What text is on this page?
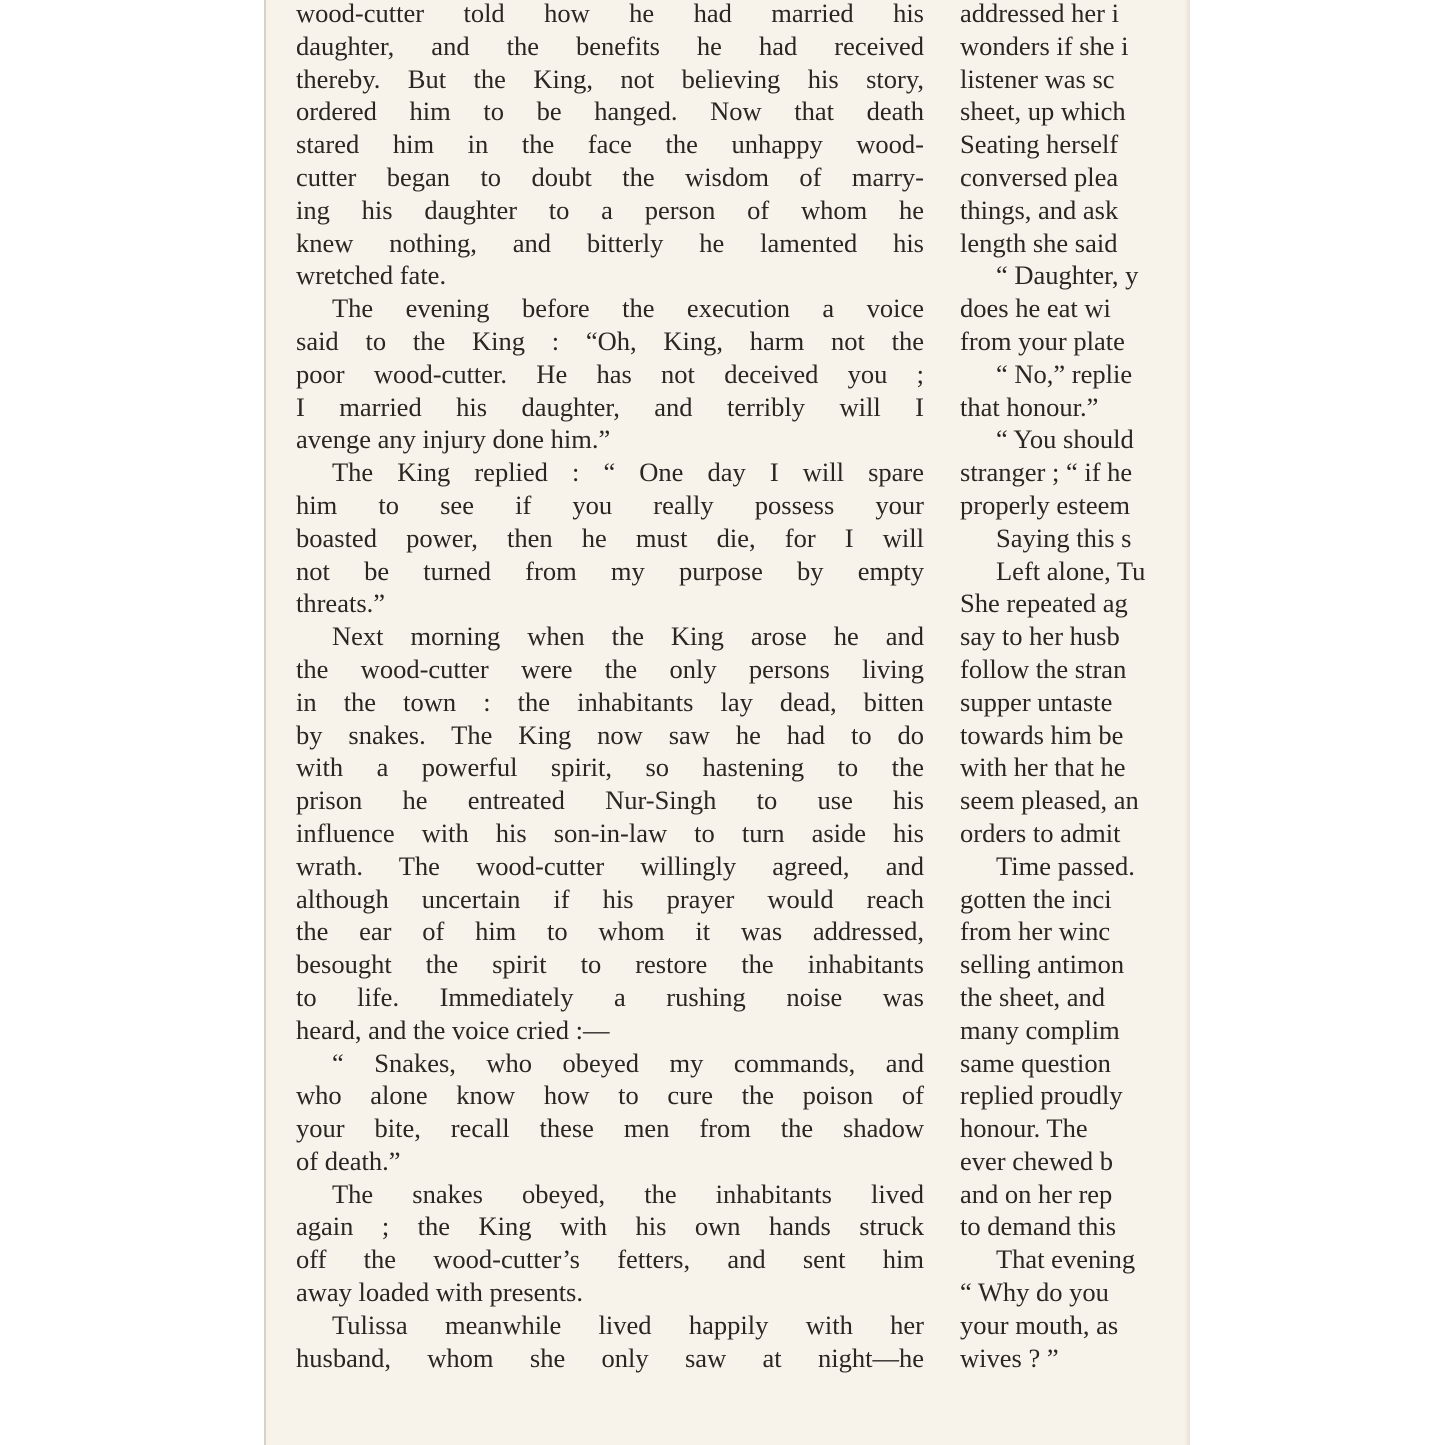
wood-cutter told how he had married his
daughter, and the benefits he had received
thereby. But the King, not believing his story,
ordered him to be hanged. Now that death
stared him in the face the unhappy wood-
cutter began to doubt the wisdom of marry-
ing his daughter to a person of whom he
knew nothing, and bitterly he lamented his
wretched fate.
The evening before the execution a voice
said to the King : “Oh, King, harm not the
poor wood-cutter. He has not deceived you ;
I married his daughter, and terribly will I
avenge any injury done him.”
The King replied : “ One day I will spare
him to see if you really possess your
boasted power, then he must die, for I will
not be turned from my purpose by empty
threats.”
Next morning when the King arose he and
the wood-cutter were the only persons living
in the town : the inhabitants lay dead, bitten
by snakes. The King now saw he had to do
with a powerful spirit, so hastening to the
prison he entreated Nur-Singh to use his
influence with his son-in-law to turn aside his
wrath. The wood-cutter willingly agreed, and
although uncertain if his prayer would reach
the ear of him to whom it was addressed,
besought the spirit to restore the inhabitants
to life. Immediately a rushing noise was
heard, and the voice cried :—
“ Snakes, who obeyed my commands, and
who alone know how to cure the poison of
your bite, recall these men from the shadow
of death.”
The snakes obeyed, the inhabitants lived
again ; the King with his own hands struck
off the wood-cutter’s fetters, and sent him
away loaded with presents.
Tulissa meanwhile lived happily with her
husband, whom she only saw at night—he
addressed her i
wonders if she i
listener was sc
sheet, up which
Seating herself
conversed plea
things, and ask
length she said
“ Daughter, y
does he eat wi
from your plate
“ No,” replie
that honour.”
“ You should
stranger ; “ if he
properly esteem
Saying this s
Left alone, Tu
She repeated ag
say to her husb
follow the stran
supper untaste
towards him be
with her that he
seem pleased, an
orders to admit
Time passed.
gotten the inci
from her winc
selling antimon
the sheet, and
many complim
same question
replied proudly
honour. The
ever chewed b
and on her rep
to demand this
That evening
“ Why do you
your mouth, as
wives ? ”
